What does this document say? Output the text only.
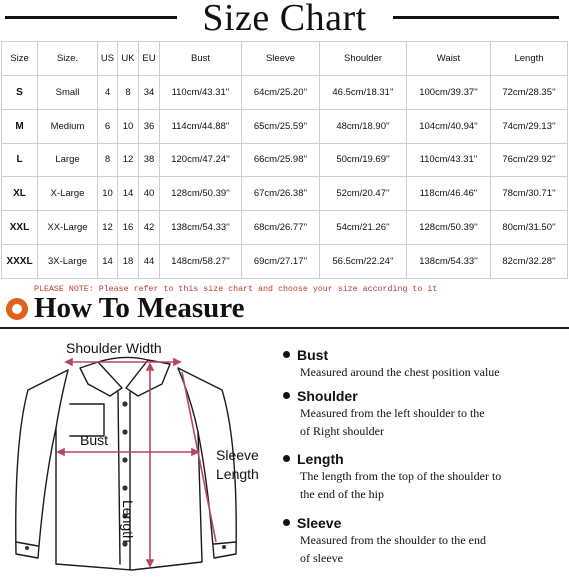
Size Chart
Size	Size.	US	UK	EU	Bust	Sleeve	Shoulder	Waist	Length
S	Small	4	8	34	110cm/43.31''	64cm/25.20''	46.5cm/18.31''	100cm/39.37''	72cm/28.35''
M	Medium	6	10	36	114cm/44.88''	65cm/25.59''	48cm/18.90''	104cm/40.94''	74cm/29.13''
L	Large	8	12	38	120cm/47.24''	66cm/25.98''	50cm/19.69''	110cm/43.31''	76cm/29.92''
XL	X-Large	10	14	40	128cm/50.39''	67cm/26.38''	52cm/20.47''	118cm/46.46''	78cm/30.71''
XXL	XX-Large	12	16	42	138cm/54.33''	68cm/26.77''	54cm/21.26''	128cm/50.39''	80cm/31.50''
XXXL	3X-Large	14	18	44	148cm/58.27''	69cm/27.17''	56.5cm/22.24''	138cm/54.33''	82cm/32.28''
PLEASE NOTE: Please refer to this size chart and choose your size according to it
How To Measure
Shoulder Width
Bust
Sleeve Length
Length
Bust
Measured around the chest position value
Shoulder
Measured from the left shoulder to the
of Right shoulder
Length
The length from the top of the shoulder to
the end of the hip
Sleeve
Measured from the shoulder to the end
of sleeve
